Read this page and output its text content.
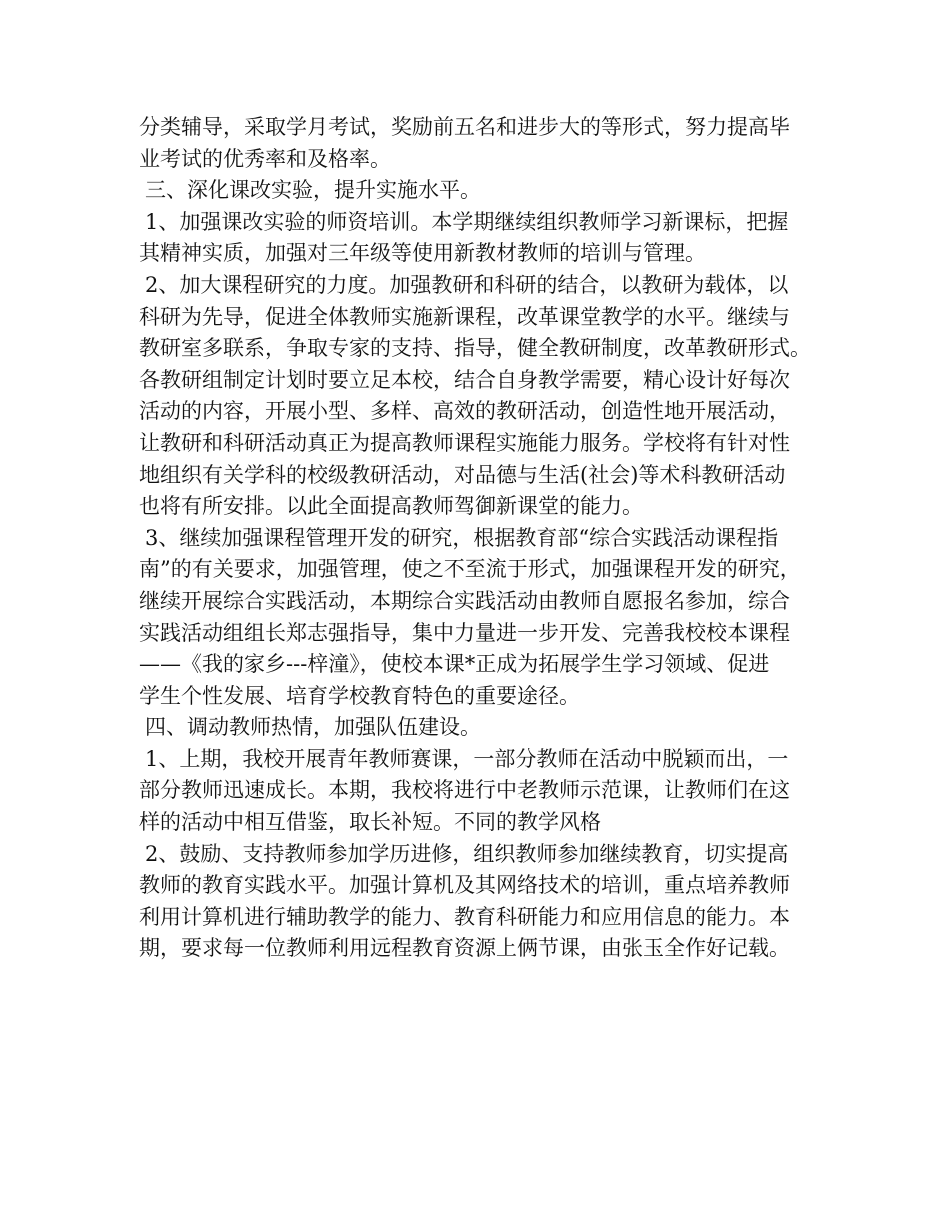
分类辅导，采取学月考试，奖励前五名和进步大的等形式，努力提高毕
业考试的优秀率和及格率。
三、深化课改实验，提升实施水平。
1、加强课改实验的师资培训。本学期继续组织教师学习新课标，把握
其精神实质，加强对三年级等使用新教材教师的培训与管理。
2、加大课程研究的力度。加强教研和科研的结合，以教研为载体，以
科研为先导，促进全体教师实施新课程，改革课堂教学的水平。继续与
教研室多联系，争取专家的支持、指导，健全教研制度，改革教研形式。
各教研组制定计划时要立足本校，结合自身教学需要，精心设计好每次
活动的内容，开展小型、多样、高效的教研活动，创造性地开展活动，
让教研和科研活动真正为提高教师课程实施能力服务。学校将有针对性
地组织有关学科的校级教研活动，对品德与生活(社会)等术科教研活动
也将有所安排。以此全面提高教师驾御新课堂的能力。
3、继续加强课程管理开发的研究，根据教育部“综合实践活动课程指
南”的有关要求，加强管理，使之不至流于形式，加强课程开发的研究，
继续开展综合实践活动，本期综合实践活动由教师自愿报名参加，综合
实践活动组组长郑志强指导，集中力量进一步开发、完善我校校本课程
——《我的家乡---梓潼》，使校本课*正成为拓展学生学习领域、促进
学生个性发展、培育学校教育特色的重要途径。
四、调动教师热情，加强队伍建设。
1、上期，我校开展青年教师赛课，一部分教师在活动中脱颖而出，一
部分教师迅速成长。本期，我校将进行中老教师示范课，让教师们在这
样的活动中相互借鉴，取长补短。不同的教学风格
2、鼓励、支持教师参加学历进修，组织教师参加继续教育，切实提高
教师的教育实践水平。加强计算机及其网络技术的培训，重点培养教师
利用计算机进行辅助教学的能力、教育科研能力和应用信息的能力。本
期，要求每一位教师利用远程教育资源上俩节课，由张玉全作好记载。
